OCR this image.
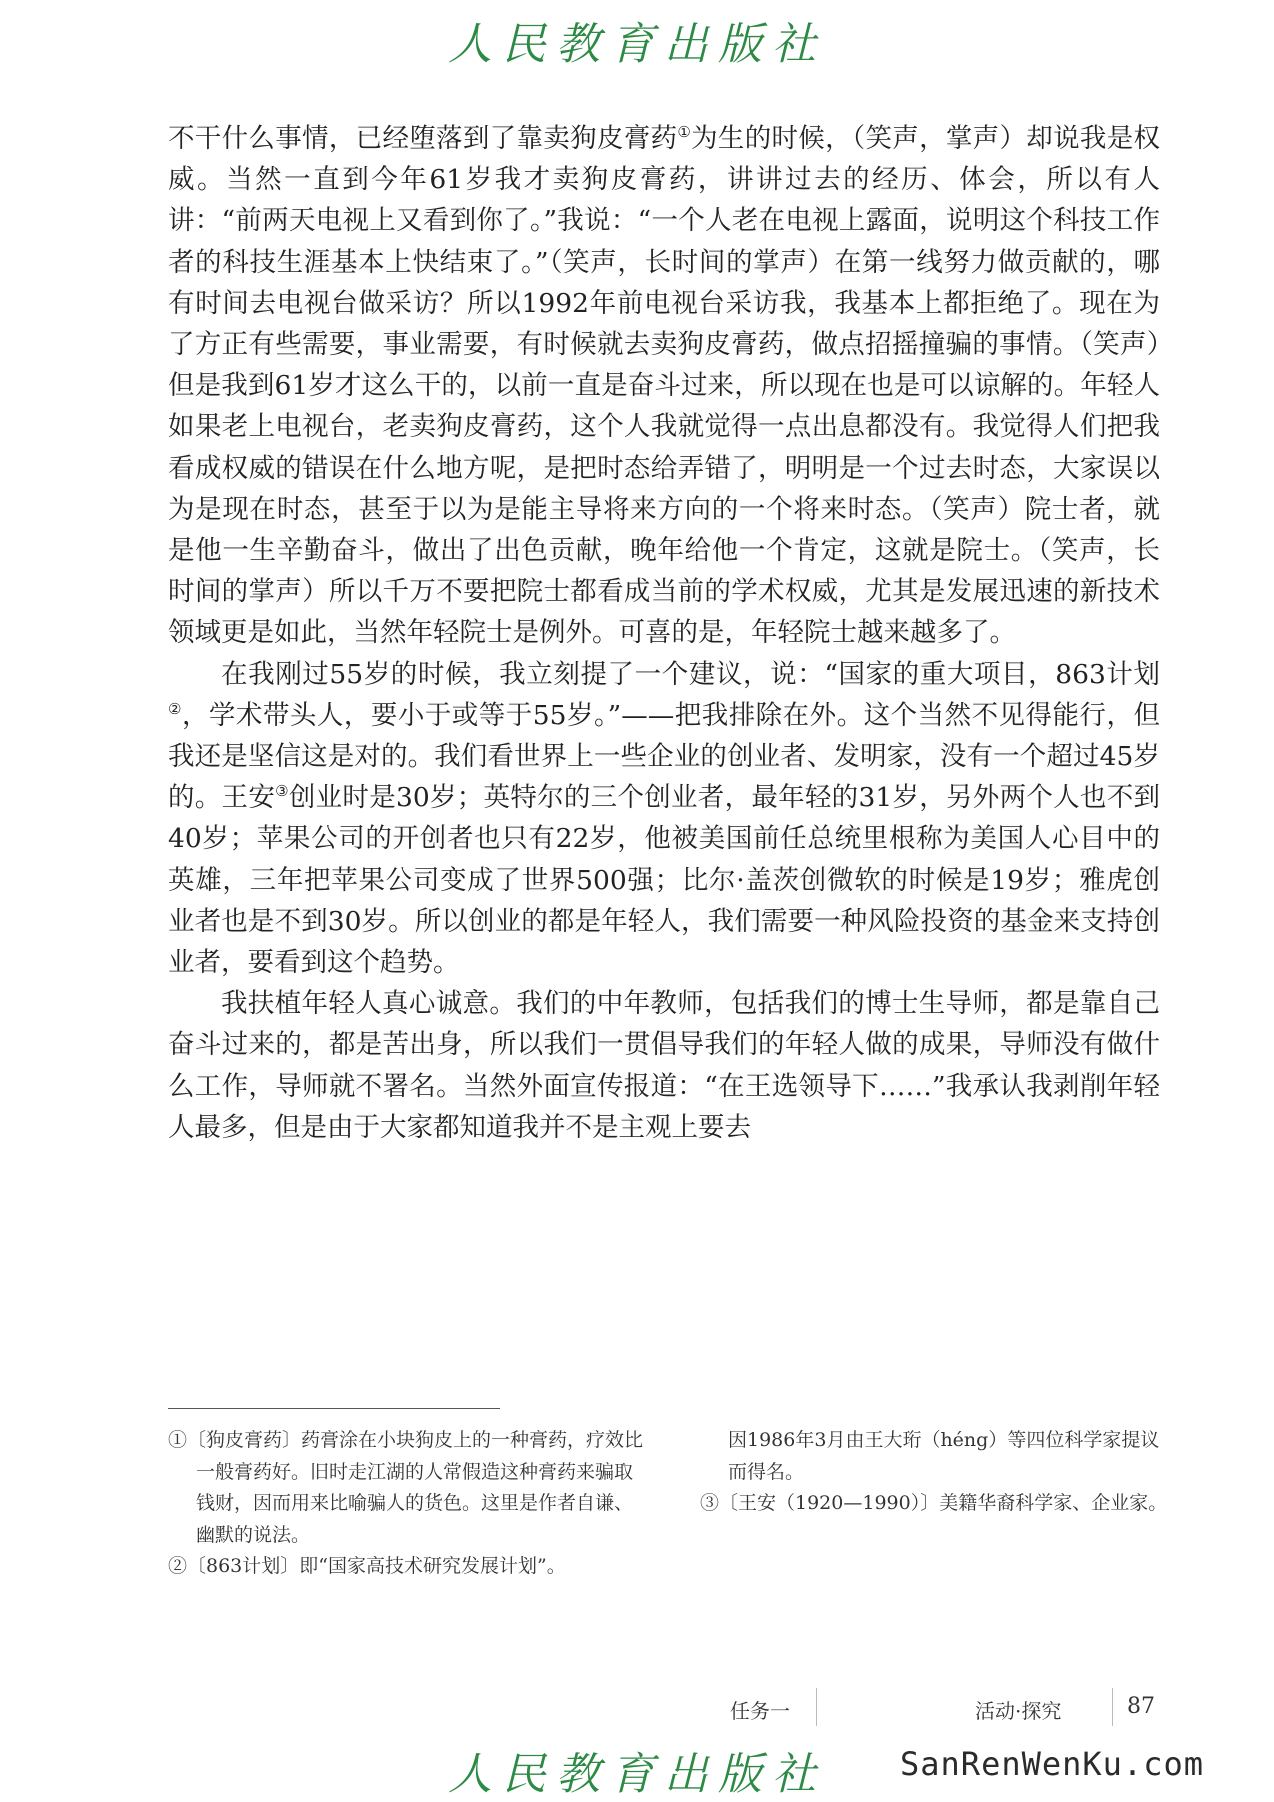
人民教育出版社

不干什么事情，已经堕落到了靠卖狗皮膏药①为生的时候，（笑声，掌声）却说我是权威。当然一直到今年61岁我才卖狗皮膏药，讲讲过去的经历、体会，所以有人讲：“前两天电视上又看到你了。”我说：“一个人老在电视上露面，说明这个科技工作者的科技生涯基本上快结束了。”（笑声，长时间的掌声）在第一线努力做贡献的，哪有时间去电视台做采访？所以1992年前电视台采访我，我基本上都拒绝了。现在为了方正有些需要，事业需要，有时候就去卖狗皮膏药，做点招摇撞骗的事情。（笑声）但是我到61岁才这么干的，以前一直是奋斗过来，所以现在也是可以谅解的。年轻人如果老上电视台，老卖狗皮膏药，这个人我就觉得一点出息都没有。我觉得人们把我看成权威的错误在什么地方呢，是把时态给弄错了，明明是一个过去时态，大家误以为是现在时态，甚至于以为是能主导将来方向的一个将来时态。（笑声）院士者，就是他一生辛勤奋斗，做出了出色贡献，晚年给他一个肯定，这就是院士。（笑声，长时间的掌声）所以千万不要把院士都看成当前的学术权威，尤其是发展迅速的新技术领域更是如此，当然年轻院士是例外。可喜的是，年轻院士越来越多了。

在我刚过55岁的时候，我立刻提了一个建议，说：“国家的重大项目，863计划②，学术带头人，要小于或等于55岁。”——把我排除在外。这个当然不见得能行，但我还是坚信这是对的。我们看世界上一些企业的创业者、发明家，没有一个超过45岁的。王安③创业时是30岁；英特尔的三个创业者，最年轻的31岁，另外两个人也不到40岁；苹果公司的开创者也只有22岁，他被美国前任总统里根称为美国人心目中的英雄，三年把苹果公司变成了世界500强；比尔·盖茨创微软的时候是19岁；雅虎创业者也是不到30岁。所以创业的都是年轻人，我们需要一种风险投资的基金来支持创业者，要看到这个趋势。

我扶植年轻人真心诚意。我们的中年教师，包括我们的博士生导师，都是靠自己奋斗过来的，都是苦出身，所以我们一贯倡导我们的年轻人做的成果，导师没有做什么工作，导师就不署名。当然外面宣传报道：“在王选领导下……”我承认我剥削年轻人最多，但是由于大家都知道我并不是主观上要去

①〔狗皮膏药〕药膏涂在小块狗皮上的一种膏药，疗效比一般膏药好。旧时走江湖的人常假造这种膏药来骗取钱财，因而用来比喻骗人的货色。这里是作者自谦、幽默的说法。

②〔863计划〕即“国家高技术研究发展计划”。

因1986年3月由王大珩（héng）等四位科学家提议而得名。

③〔王安（1920—1990）〕美籍华裔科学家、企业家。

任务一	活动·探究	87
人民教育出版社	SanRenWenKu.com
